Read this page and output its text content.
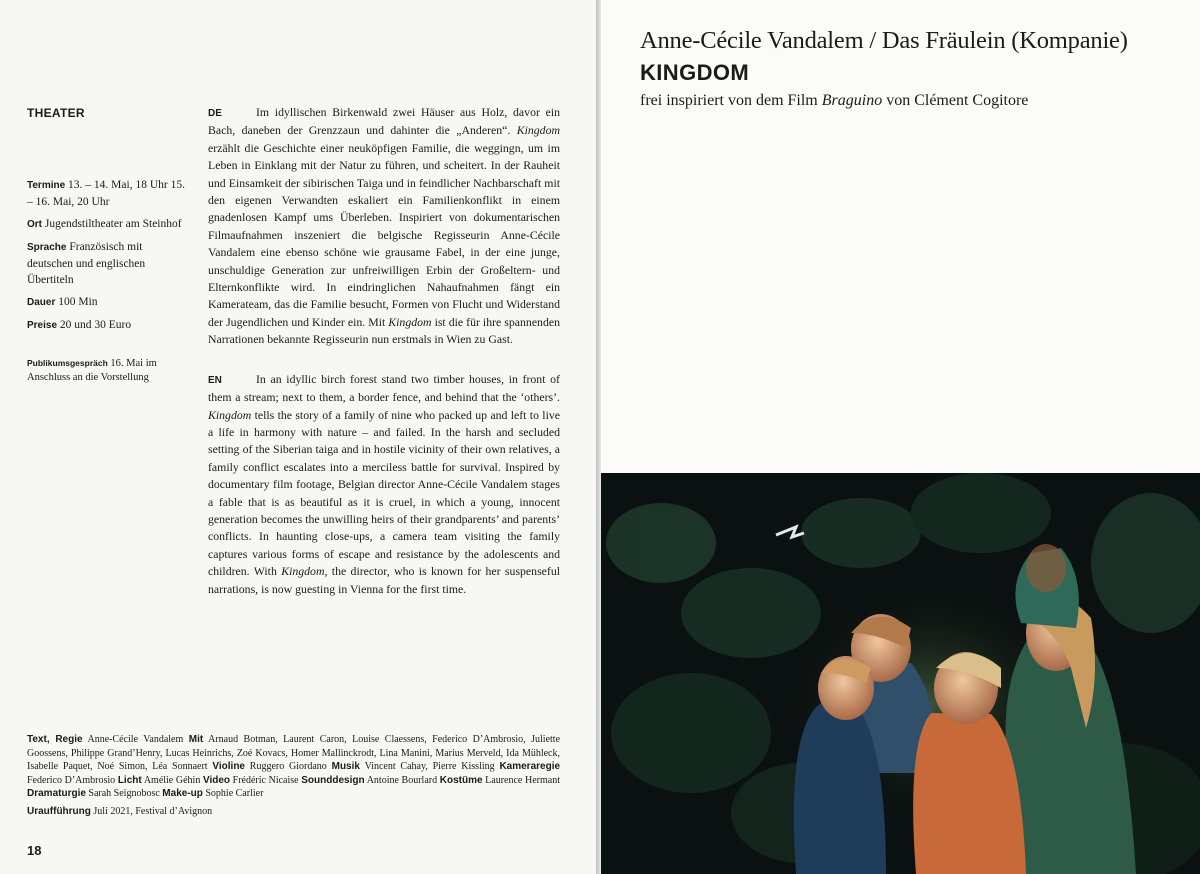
THEATER

Termine 13. – 14. Mai, 18 Uhr 15. – 16. Mai, 20 Uhr

Ort Jugendstiltheater am Steinhof

Sprache Französisch mit deutschen und englischen Übertiteln

Dauer 100 Min

Preise 20 und 30 Euro

Publikumsgespräch 16. Mai im Anschluss an die Vorstellung

DE	Im idyllischen Birkenwald zwei Häuser aus Holz, davor ein Bach, daneben der Grenzzaun und dahinter die „Anderen“. Kingdom erzählt die Geschichte einer neuköpfigen Familie, die weggingn, um im Leben in Einklang mit der Natur zu führen, und scheitert. In der Rauheit und Einsamkeit der sibirischen Taiga und in feindlicher Nachbarschaft mit den eigenen Verwandten eskaliert ein Familienkonflikt in einem gnadenlosen Kampf ums Überleben. Inspiriert von dokumentarischen Filmaufnahmen inszeniert die belgische Regisseurin Anne-Cécile Vandalem eine ebenso schöne wie grausame Fabel, in der eine junge, unschuldige Generation zur unfreiwilligen Erbin der Großeltern- und Elternkonflikte wird. In eindringlichen Nahaufnahmen fängt ein Kamerateam, das die Familie besucht, Formen von Flucht und Widerstand der Jugendlichen und Kinder ein. Mit Kingdom ist die für ihre spannenden Narrationen bekannte Regisseurin nun erstmals in Wien zu Gast.

EN	In an idyllic birch forest stand two timber houses, in front of them a stream; next to them, a border fence, and behind that the ‘others’. Kingdom tells the story of a family of nine who packed up and left to live a life in harmony with nature – and failed. In the harsh and secluded setting of the Siberian taiga and in hostile vicinity of their own relatives, a family conflict escalates into a merciless battle for survival. Inspired by documentary film footage, Belgian director Anne-Cécile Vandalem stages a fable that is as beautiful as it is cruel, in which a young, innocent generation becomes the unwilling heirs of their grandparents’ and parents’ conflicts. In haunting close-ups, a camera team visiting the family captures various forms of escape and resistance by the adolescents and children. With Kingdom, the director, who is known for her suspenseful narrations, is now guesting in Vienna for the first time.

Text, Regie Anne-Cécile Vandalem Mit Arnaud Botman, Laurent Caron, Louise Claessens, Federico D’Ambrosio, Juliette Goossens, Philippe Grand’Henry, Lucas Heinrichs, Zoé Kovacs, Homer Mallinckrodt, Lina Manini, Marius Merveld, Ida Mühleck, Isabelle Paquet, Noé Simon, Léa Sonnaert Violine Ruggero Giordano Musik Vincent Cahay, Pierre Kissling Kameraregie Federico D’Ambrosio Licht Amélie Géhin Video Frédéric Nicaise Sounddesign Antoine Bourlard Kostüme Laurence Hermant Dramaturgie Sarah Seignobosc Make-up Sophie Carlier
Uraufführung Juli 2021, Festival d’Avignon
18
Anne-Cécile Vandalem / Das Fräulein (Kompanie)
KINGDOM
frei inspiriert von dem Film Braguino von Clément Cogitore
